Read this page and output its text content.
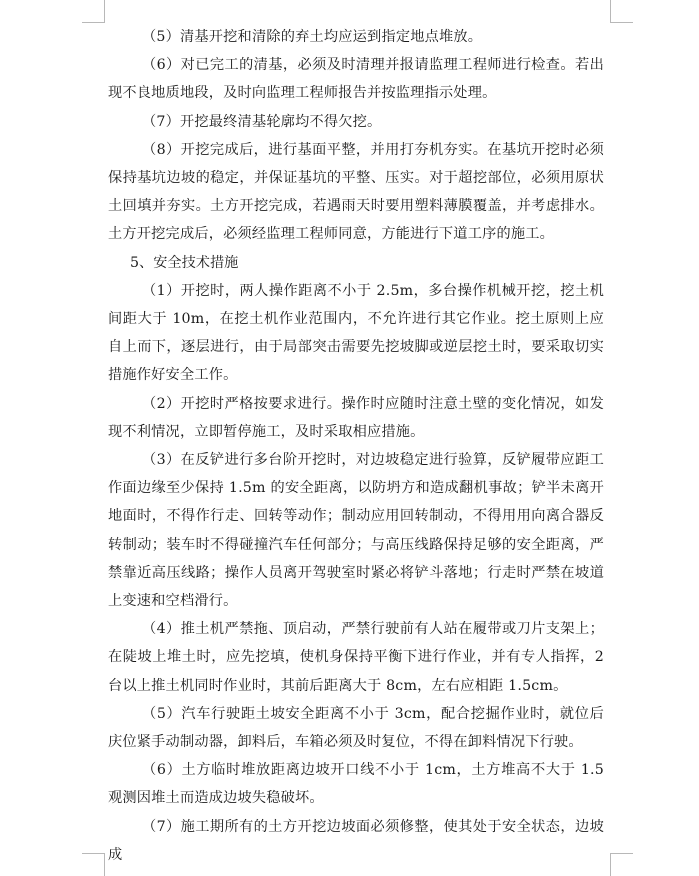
（5）清基开挖和清除的弃土均应运到指定地点堆放。

（6）对已完工的清基，必须及时清理并报请监理工程师进行检查。若出现不良地质地段，及时向监理工程师报告并按监理指示处理。

（7）开挖最终清基轮廓均不得欠挖。

（8）开挖完成后，进行基面平整，并用打夯机夯实。在基坑开挖时必须保持基坑边坡的稳定，并保证基坑的平整、压实。对于超挖部位，必须用原状土回填并夯实。土方开挖完成，若遇雨天时要用塑料薄膜覆盖，并考虑排水。土方开挖完成后，必须经监理工程师同意，方能进行下道工序的施工。

5、安全技术措施

（1）开挖时，两人操作距离不小于 2.5m，多台操作机械开挖，挖土机间距大于 10m，在挖土机作业范围内，不允许进行其它作业。挖土原则上应自上而下，逐层进行，由于局部突击需要先挖坡脚或逆层挖土时，要采取切实措施作好安全工作。

（2）开挖时严格按要求进行。操作时应随时注意土壁的变化情况，如发现不利情况，立即暂停施工，及时采取相应措施。

（3）在反铲进行多台阶开挖时，对边坡稳定进行验算，反铲履带应距工作面边缘至少保持 1.5m 的安全距离，以防坍方和造成翻机事故；铲半未离开地面时，不得作行走、回转等动作；制动应用回转制动，不得用用向离合器反转制动；装车时不得碰撞汽车任何部分；与高压线路保持足够的安全距离，严禁靠近高压线路；操作人员离开驾驶室时紧必将铲斗落地；行走时严禁在坡道上变速和空档滑行。

（4）推土机严禁拖、顶启动，严禁行驶前有人站在履带或刀片支架上；在陡坡上堆土时，应先挖填，使机身保持平衡下进行作业，并有专人指挥，2 台以上推土机同时作业时，其前后距离大于 8cm，左右应相距 1.5cm。

（5）汽车行驶距土坡安全距离不小于 3cm，配合挖掘作业时，就位后庆位紧手动制动器，卸料后，车箱必须及时复位，不得在卸料情况下行驶。

（6）土方临时堆放距离边坡开口线不小于 1cm，土方堆高不大于 1.5 观测因堆土而造成边坡失稳破坏。

（7）施工期所有的土方开挖边坡面必须修整，使其处于安全状态，边坡成
